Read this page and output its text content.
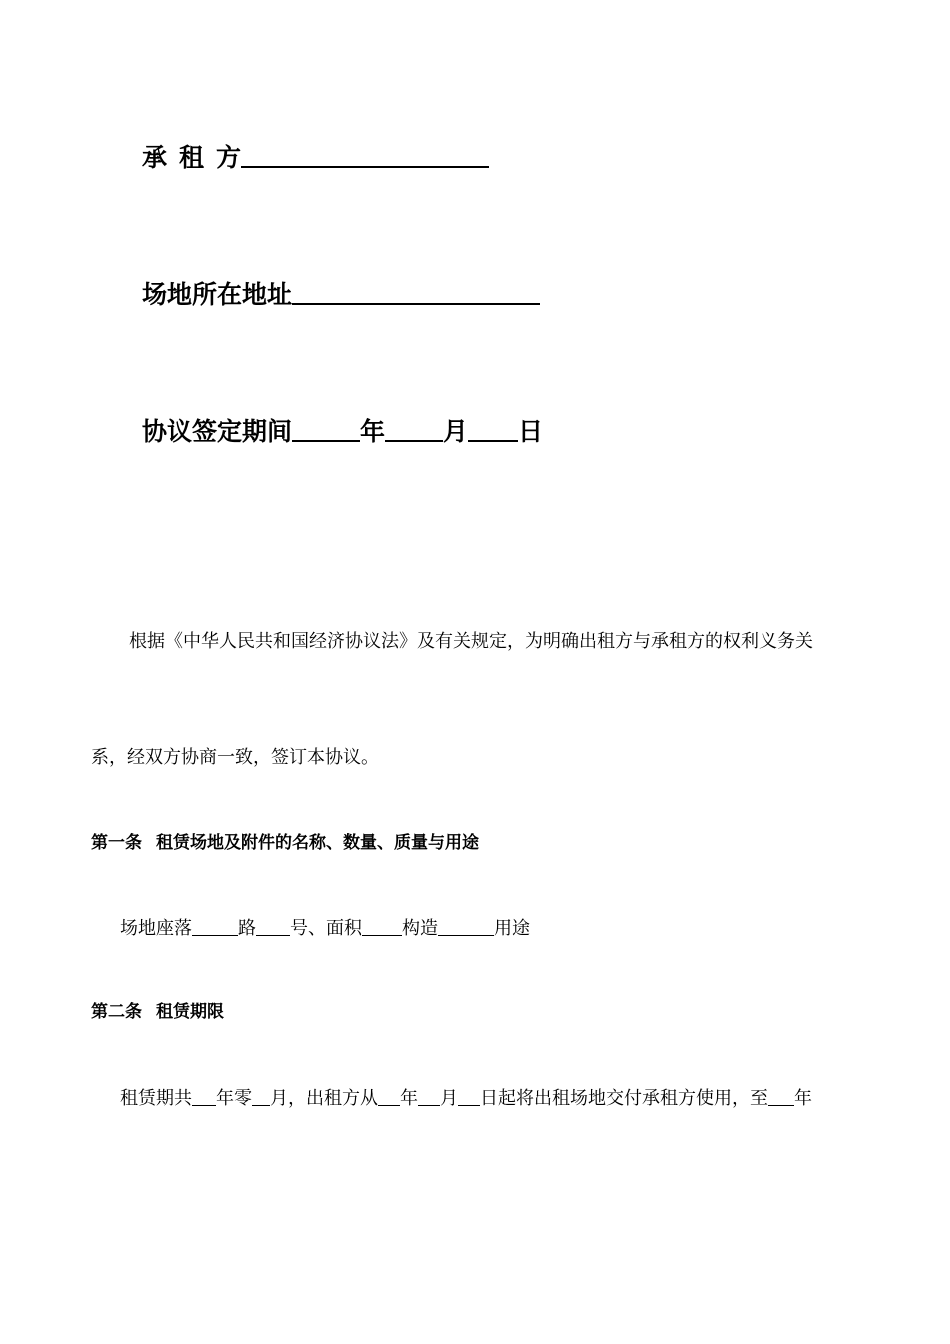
承租方
场地所在地址
协议签定期间	年 月 日
根据《中华人民共和国经济协议法》及有关规定，为明确出租方与承租方的权利义务关
系，经双方协商一致，签订本协议。
第一条 租赁场地及附件的名称、数量、质量与用途
场地座落	路 号、面积 构造	用途
第二条 租赁期限
租赁期共 年零 月，出租方从 年 月 日起将出租场地交付承租方使用，至 年
